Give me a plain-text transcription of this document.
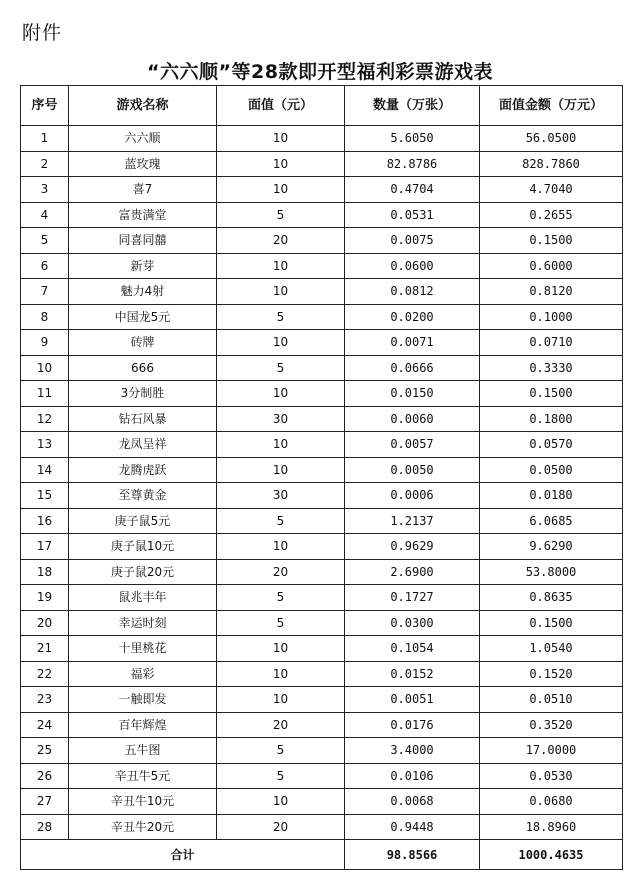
附件
“六六顺”等28款即开型福利彩票游戏表
序号	游戏名称	面值（元）	数量（万张）	面值金额（万元）
1	六六顺	10	5.6050	56.0500
2	蓝玫瑰	10	82.8786	828.7860
3	喜7	10	0.4704	4.7040
4	富贵满堂	5	0.0531	0.2655
5	同喜同囍	20	0.0075	0.1500
6	新芽	10	0.0600	0.6000
7	魅力4射	10	0.0812	0.8120
8	中国龙5元	5	0.0200	0.1000
9	砖牌	10	0.0071	0.0710
10	666	5	0.0666	0.3330
11	3分制胜	10	0.0150	0.1500
12	钻石风暴	30	0.0060	0.1800
13	龙凤呈祥	10	0.0057	0.0570
14	龙腾虎跃	10	0.0050	0.0500
15	至尊黄金	30	0.0006	0.0180
16	庚子鼠5元	5	1.2137	6.0685
17	庚子鼠10元	10	0.9629	9.6290
18	庚子鼠20元	20	2.6900	53.8000
19	鼠兆丰年	5	0.1727	0.8635
20	幸运时刻	5	0.0300	0.1500
21	十里桃花	10	0.1054	1.0540
22	福彩	10	0.0152	0.1520
23	一触即发	10	0.0051	0.0510
24	百年辉煌	20	0.0176	0.3520
25	五牛图	5	3.4000	17.0000
26	辛丑牛5元	5	0.0106	0.0530
27	辛丑牛10元	10	0.0068	0.0680
28	辛丑牛20元	20	0.9448	18.8960
合计			98.8566	1000.4635
